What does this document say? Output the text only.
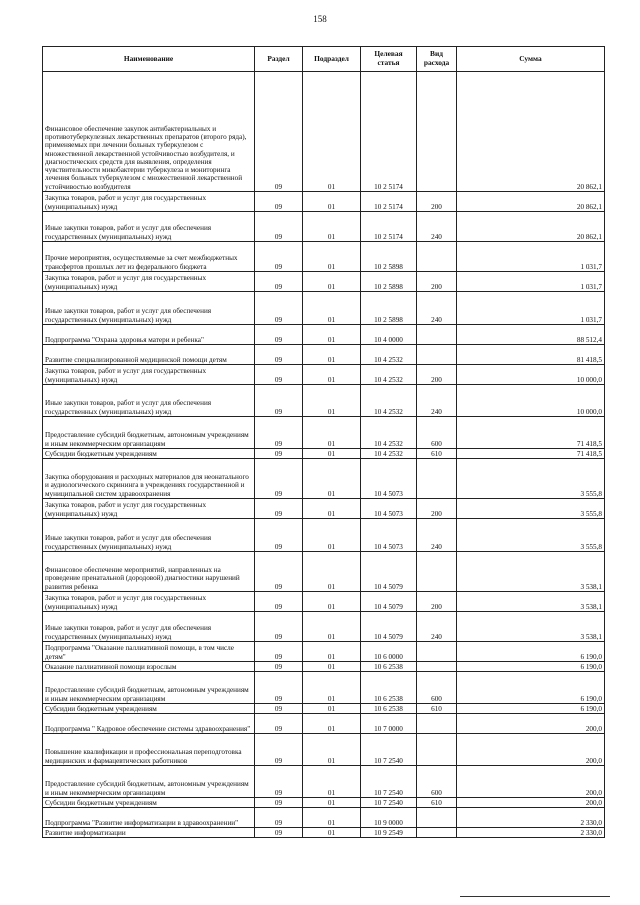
158
Наименование	Раздел	Подраздел	Целевая статья	Вид расхода	Сумма
Финансовое обеспечение закупок антибактериальных и противотуберкулезных лекарственных препаратов (второго ряда), применяемых при лечении больных туберкулезом с множественной лекарственной устойчивостью возбудителя, и диагностических средств для выявления, определения чувствительности микобактерии туберкулеза и мониторинга лечения больных туберкулезом с множественной лекарственной устойчивостью возбудителя	09	01	10 2 5174		20 862,1
Закупка товаров, работ и услуг для государственных (муниципальных) нужд	09	01	10 2 5174	200	20 862,1
Иные закупки товаров, работ и услуг для обеспечения государственных (муниципальных) нужд	09	01	10 2 5174	240	20 862,1
Прочие мероприятия, осуществляемые за счет межбюджетных трансфертов прошлых лет из федерального бюджета	09	01	10 2 5898		1 031,7
Закупка товаров, работ и услуг для государственных (муниципальных) нужд	09	01	10 2 5898	200	1 031,7
Иные закупки товаров, работ и услуг для обеспечения государственных (муниципальных) нужд	09	01	10 2 5898	240	1 031,7
Подпрограмма "Охрана здоровья матери и ребенка"	09	01	10 4 0000		88 512,4
Развитие специализированной медицинской помощи детям	09	01	10 4 2532		81 418,5
Закупка товаров, работ и услуг для государственных (муниципальных) нужд	09	01	10 4 2532	200	10 000,0
Иные закупки товаров, работ и услуг для обеспечения государственных (муниципальных) нужд	09	01	10 4 2532	240	10 000,0
Предоставление субсидий бюджетным, автономным учреждениям и иным некоммерческим организациям	09	01	10 4 2532	600	71 418,5
Субсидии бюджетным учреждениям	09	01	10 4 2532	610	71 418,5
Закупка оборудования и расходных материалов для неонатального и аудиологического скрининга в учреждениях государственной и муниципальной систем здравоохранения	09	01	10 4 5073		3 555,8
Закупка товаров, работ и услуг для государственных (муниципальных) нужд	09	01	10 4 5073	200	3 555,8
Иные закупки товаров, работ и услуг для обеспечения государственных (муниципальных) нужд	09	01	10 4 5073	240	3 555,8
Финансовое обеспечение мероприятий, направленных на проведение пренатальной (дородовой) диагностики нарушений развития ребенка	09	01	10 4 5079		3 538,1
Закупка товаров, работ и услуг для государственных (муниципальных) нужд	09	01	10 4 5079	200	3 538,1
Иные закупки товаров, работ и услуг для обеспечения государственных (муниципальных) нужд	09	01	10 4 5079	240	3 538,1
Подпрограмма "Оказание паллиативной помощи, в том числе детям"	09	01	10 6 0000		6 190,0
Оказание паллиативной помощи взрослым	09	01	10 6 2538		6 190,0
Предоставление субсидий бюджетным, автономным учреждениям и иным некоммерческим организациям	09	01	10 6 2538	600	6 190,0
Субсидии бюджетным учреждениям	09	01	10 6 2538	610	6 190,0
Подпрограмма " Кадровое обеспечение системы здравоохранения"	09	01	10 7 0000		200,0
Повышение квалификации и профессиональная переподготовка медицинских и фармацевтических работников	09	01	10 7 2540		200,0
Предоставление субсидий бюджетным, автономным учреждениям и иным некоммерческим организациям	09	01	10 7 2540	600	200,0
Субсидии бюджетным учреждениям	09	01	10 7 2540	610	200,0
Подпрограмма "Развитие информатизации в здравоохранении"	09	01	10 9 0000		2 330,0
Развитие информатизации	09	01	10 9 2549		2 330,0
